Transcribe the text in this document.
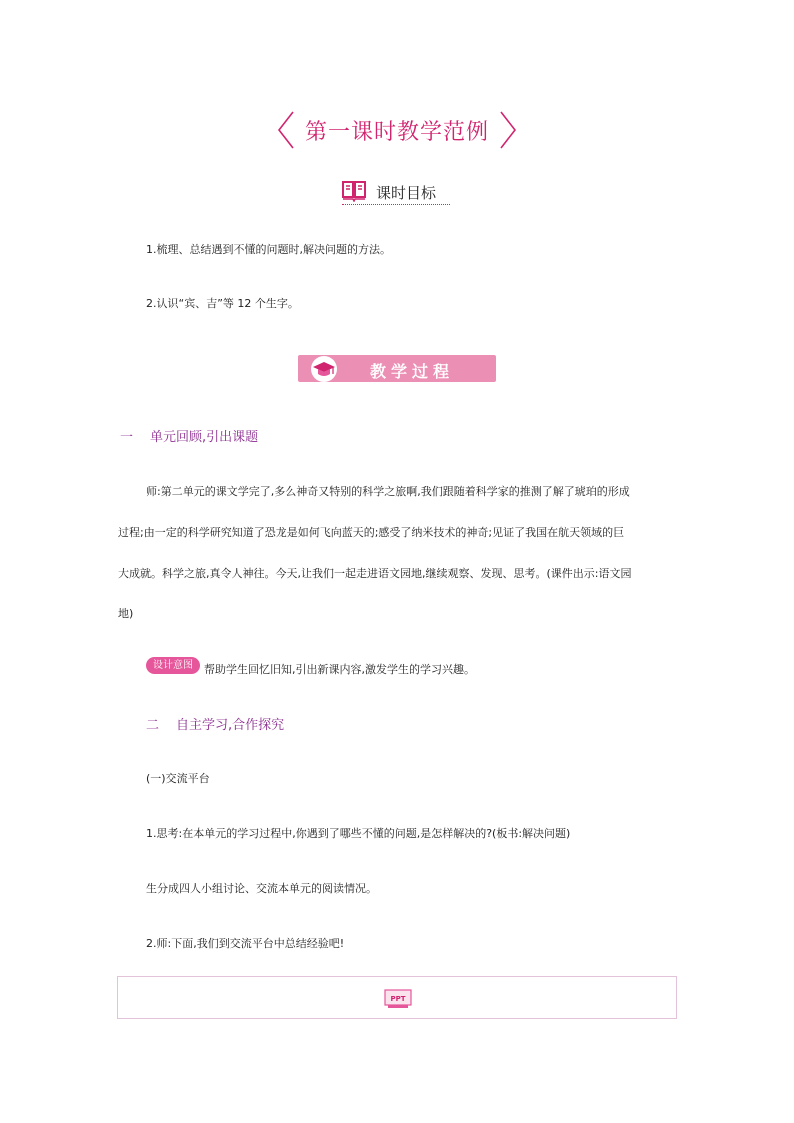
第一课时教学范例
课时目标
1.梳理、总结遇到不懂的问题时,解决问题的方法。
2.认识“宾、吉”等 12 个生字。
教学过程
一 单元回顾,引出课题
师:第二单元的课文学完了,多么神奇又特别的科学之旅啊,我们跟随着科学家的推测了解了琥珀的形成
过程;由一定的科学研究知道了恐龙是如何飞向蓝天的;感受了纳米技术的神奇;见证了我国在航天领域的巨
大成就。科学之旅,真令人神往。今天,让我们一起走进语文园地,继续观察、发现、思考。(课件出示:语文园
地)
设计意图	帮助学生回忆旧知,引出新课内容,激发学生的学习兴趣。
二 自主学习,合作探究
(一)交流平台
1.思考:在本单元的学习过程中,你遇到了哪些不懂的问题,是怎样解决的?(板书:解决问题)
生分成四人小组讨论、交流本单元的阅读情况。
2.师:下面,我们到交流平台中总结经验吧!
PPT
